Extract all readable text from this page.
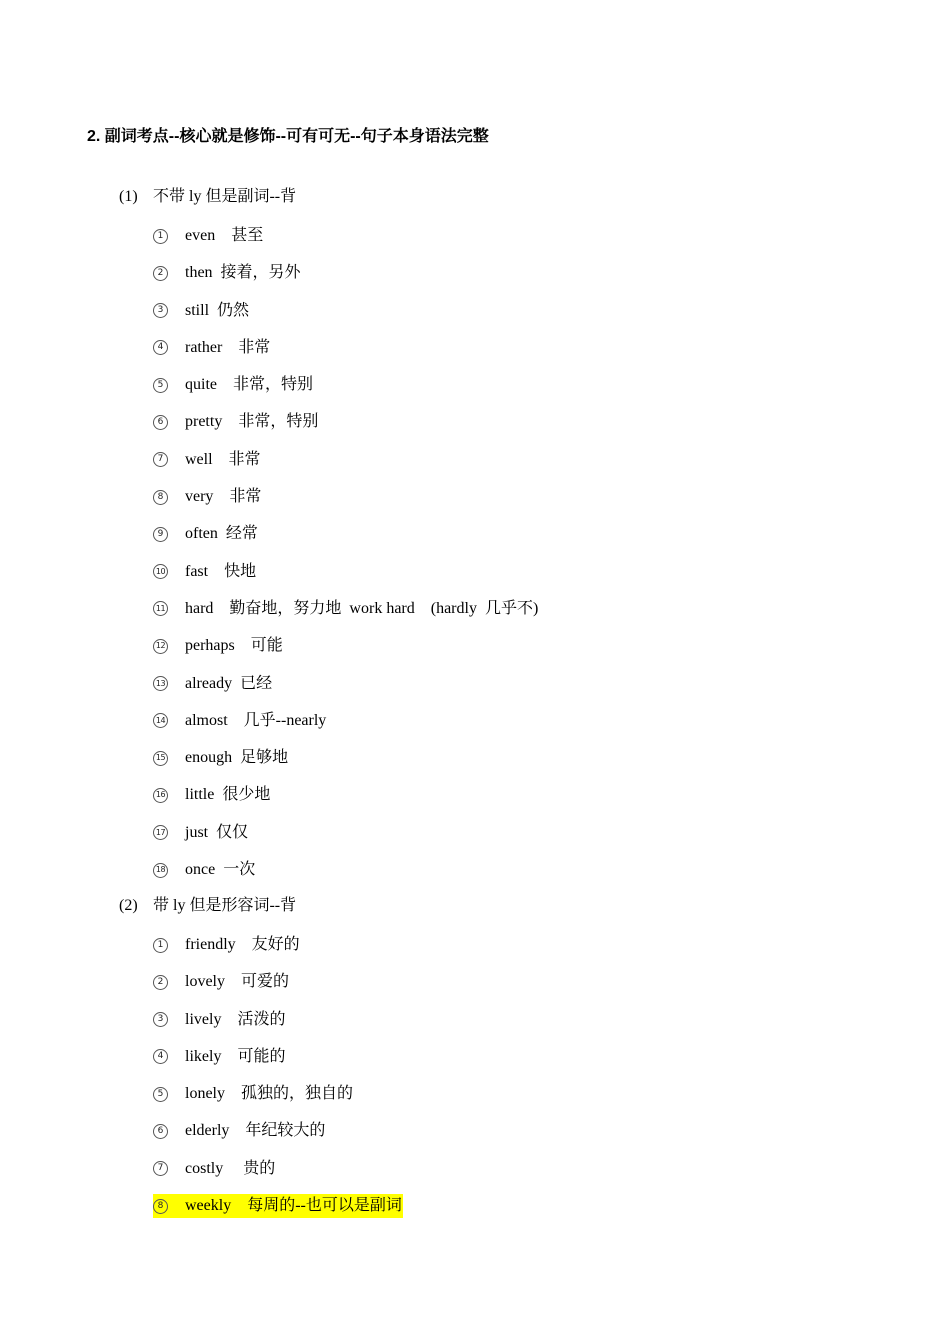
2. 副词考点--核心就是修饰--可有可无--句子本身语法完整
(1) 不带 ly 但是副词--背
1 even    甚至
2 then  接着，另外
3 still  仍然
4 rather    非常
5 quite    非常，特别
6 pretty    非常，特别
7 well    非常
8 very    非常
9 often  经常
10 fast    快地
11 hard    勤奋地，努力地  work hard    (hardly  几乎不)
12 perhaps    可能
13 already  已经
14 almost    几乎--nearly
15 enough  足够地
16 little  很少地
17 just  仅仅
18 once  一次
(2) 带 ly 但是形容词--背
1 friendly    友好的
2 lovely    可爱的
3 lively    活泼的
4 likely    可能的
5 lonely    孤独的，独自的
6 elderly    年纪较大的
7 costly     贵的
8 weekly    每周的--也可以是副词
